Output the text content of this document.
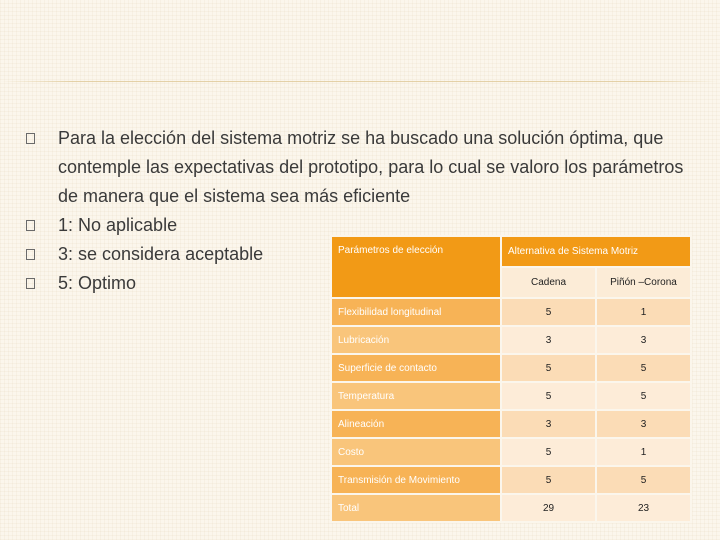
Para la elección del sistema motriz se ha buscado una solución óptima, que contemple las expectativas del prototipo, para lo cual se valoro los parámetros de manera que el sistema sea más eficiente
1: No aplicable
3: se considera aceptable
5: Optimo
Parámetros de elección	Alternativa de Sistema Motriz	
	Cadena	Piñón –Corona
Flexibilidad longitudinal	5	1
Lubricación	3	3
Superficie de contacto	5	5
Temperatura	5	5
Alineación	3	3
Costo	5	1
Transmisión de Movimiento	5	5
Total	29	23
